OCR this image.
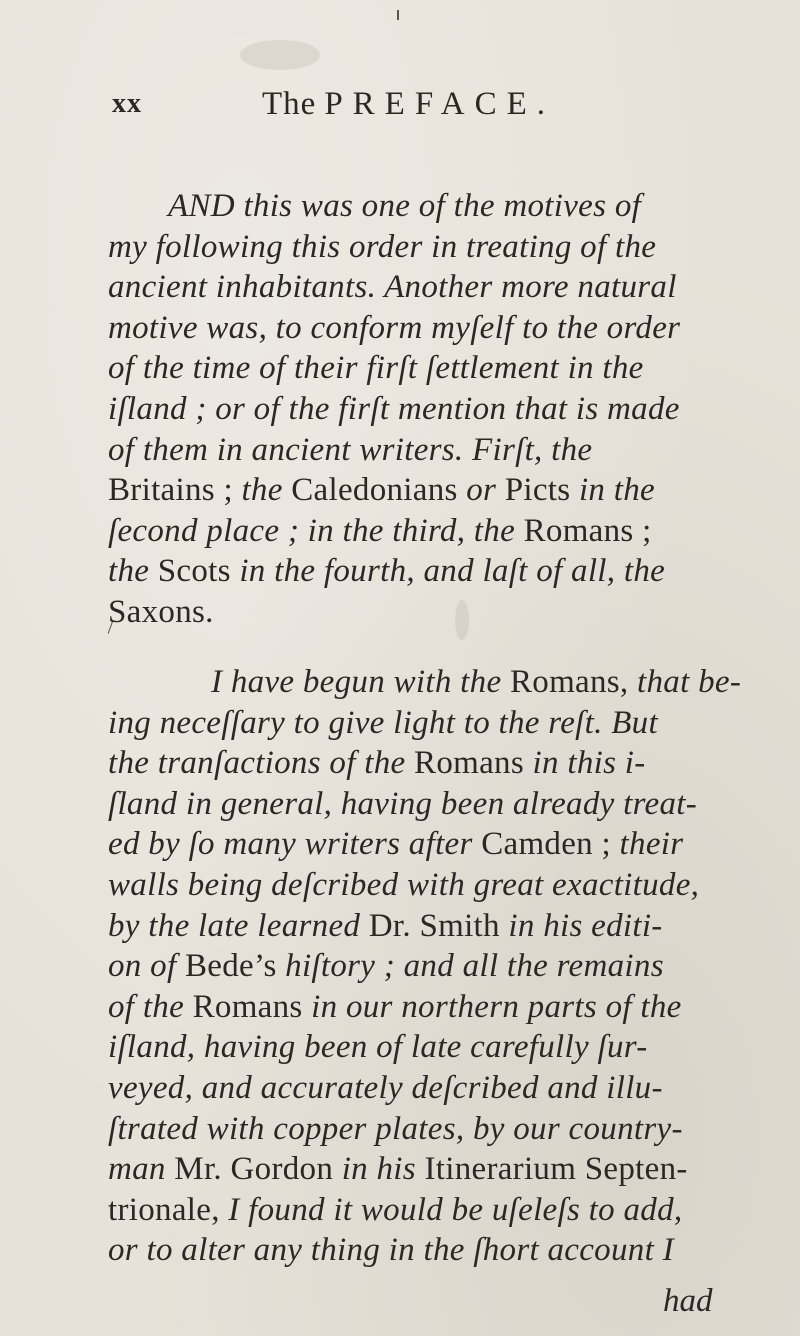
xx	The PREFACE.
AND this was one of the motives of
my following this order in treating of the
ancient inhabitants. Another more natural
motive was, to conform myſelf to the order
of the time of their firſt ſettlement in the
iſland ; or of the firſt mention that is made
of them in ancient writers. Firſt, the
Britains ; the Caledonians or Picts in the
ſecond place ; in the third, the Romans ;
the Scots in the fourth, and laſt of all, the
Saxons.
I have begun with the Romans, that be-
ing neceſſary to give light to the reſt. But
the tranſactions of the Romans in this i-
ſland in general, having been already treat-
ed by ſo many writers after Camden ; their
walls being deſcribed with great exactitude,
by the late learned Dr. Smith in his editi-
on of Bede’s hiſtory ; and all the remains
of the Romans in our northern parts of the
iſland, having been of late carefully ſur-
veyed, and accurately deſcribed and illu-
ſtrated with copper plates, by our country-
man Mr. Gordon in his Itinerarium Septen-
trionale, I found it would be uſeleſs to add,
or to alter any thing in the ſhort account I
had
